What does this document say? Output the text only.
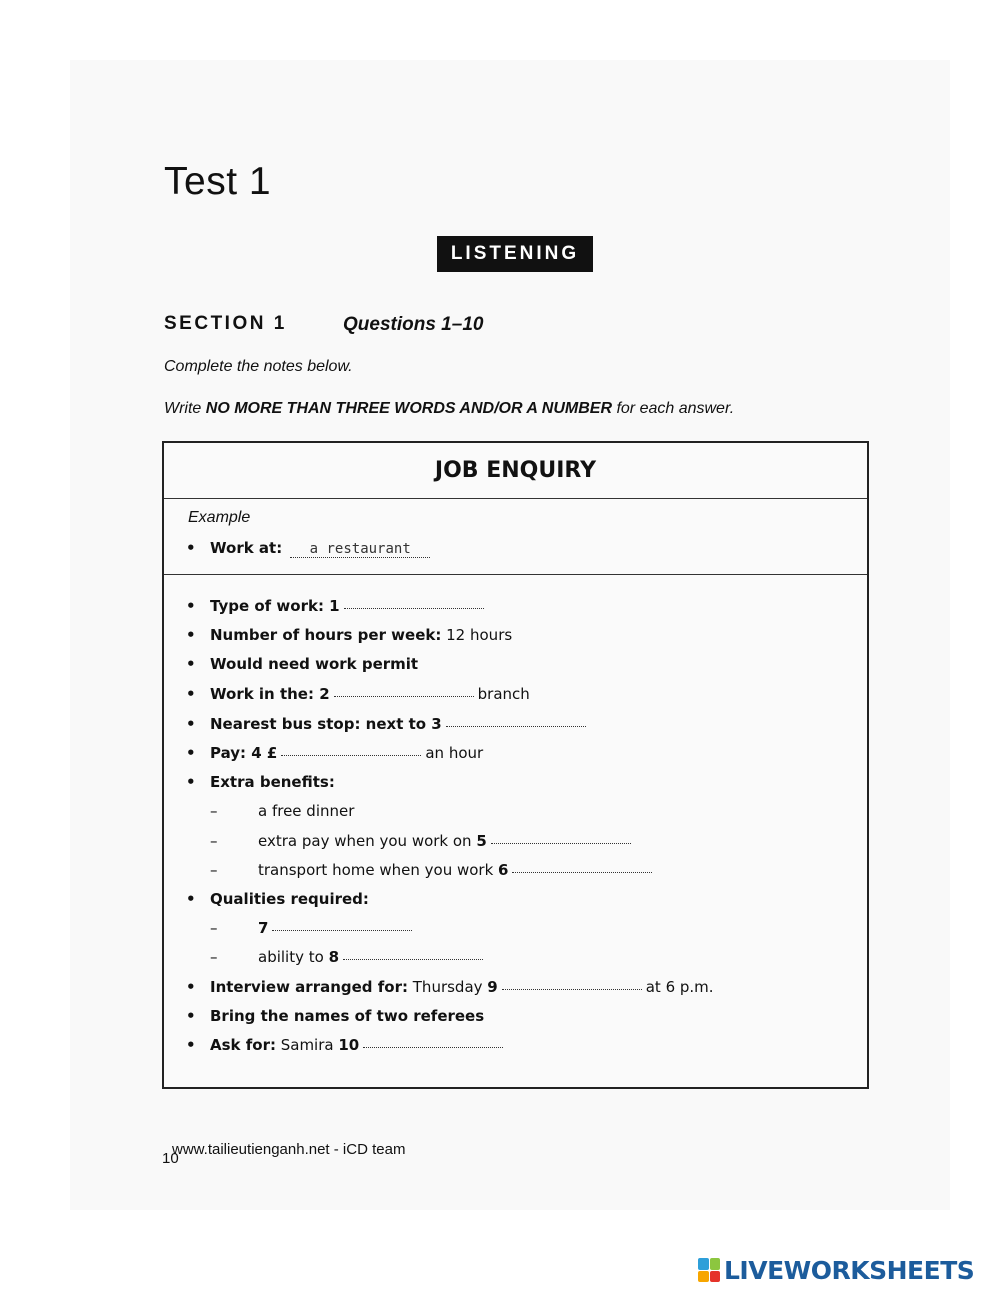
Test 1
LISTENING
SECTION 1	Questions 1–10
Complete the notes below.
Write NO MORE THAN THREE WORDS AND/OR A NUMBER for each answer.
JOB ENQUIRY
Example
• Work at:	a restaurant
• Type of work: 1
• Number of hours per week: 12 hours
• Would need work permit
• Work in the: 2	branch
• Nearest bus stop: next to 3
• Pay: 4 £	an hour
• Extra benefits:
–	a free dinner
–	extra pay when you work on 5
–	transport home when you work 6
• Qualities required:
–	7
–	ability to 8
• Interview arranged for: Thursday 9	at 6 p.m.
• Bring the names of two referees
• Ask for: Samira 10
www.tailieutienganh.net - iCD team
10
LIVEWORKSHEETS
